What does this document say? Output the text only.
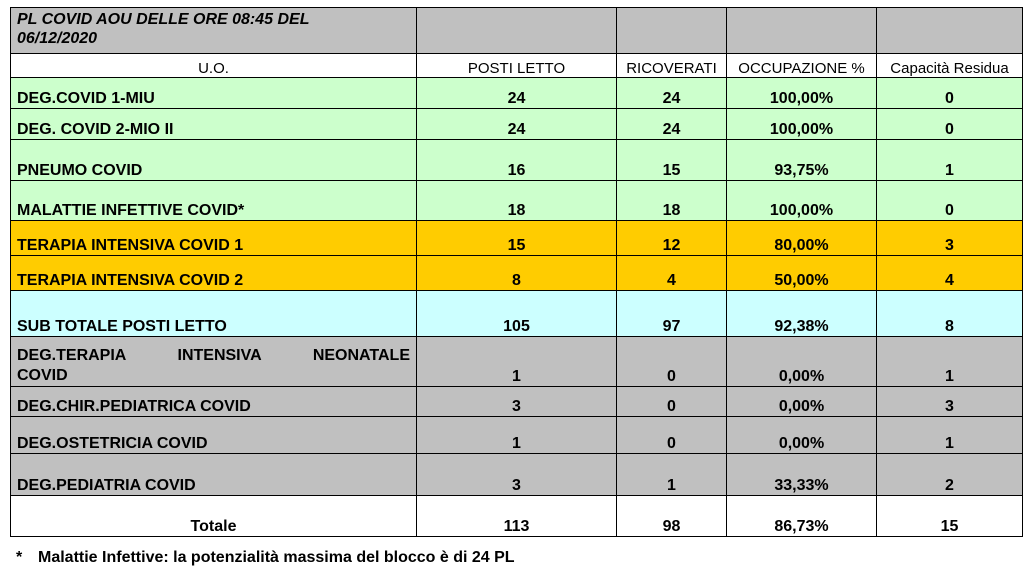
PL COVID AOU DELLE ORE 08:45 DEL
06/12/2020				

U.O.	POSTI LETTO	RICOVERATI	OCCUPAZIONE %	Capacità Residua
DEG.COVID 1-MIU	24	24	100,00%	0
DEG. COVID 2-MIO II	24	24	100,00%	0
PNEUMO COVID	16	15	93,75%	1
MALATTIE INFETTIVE COVID*	18	18	100,00%	0
TERAPIA INTENSIVA COVID 1	15	12	80,00%	3
TERAPIA INTENSIVA COVID 2	8	4	50,00%	4
SUB TOTALE POSTI LETTO	105	97	92,38%	8

DEG.TERAPIA INTENSIVA NEONATALE
COVID	1	0	0,00%	1
DEG.CHIR.PEDIATRICA COVID	3	0	0,00%	3
DEG.OSTETRICIA COVID	1	0	0,00%	1
DEG.PEDIATRIA COVID	3	1	33,33%	2
Totale	113	98	86,73%	15
* Malattie Infettive: la potenzialità massima del blocco è di 24 PL
